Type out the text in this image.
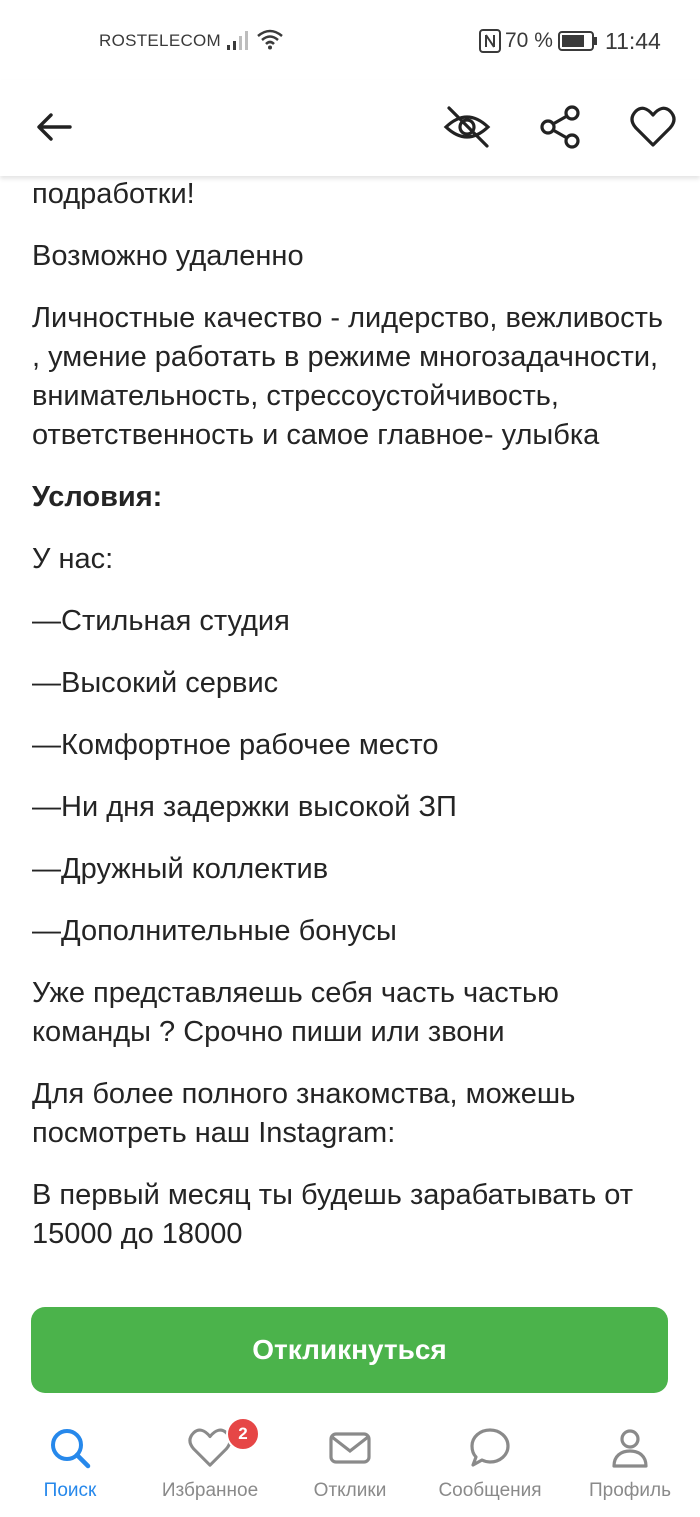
ROSTELECOM	70 % 11:44

подработки!

Возможно удаленно

Личностные качество - лидерство, вежливость , умение работать в режиме многозадачности, внимательность, стрессоустойчивость, ответственность и самое главное- улыбка

Условия:

У нас:

—Стильная студия

—Высокий сервис

—Комфортное рабочее место

—Ни дня задержки высокой ЗП

—Дружный коллектив

—Дополнительные бонусы

Уже представляешь себя часть частью команды ? Срочно пиши или звони

Для более полного знакомства, можешь посмотреть наш Instagram:

В первый месяц ты будешь зарабатывать от 15000 до 18000

Откликнуться
Поиск	Избранное	Отклики	Сообщения	Профиль
2
